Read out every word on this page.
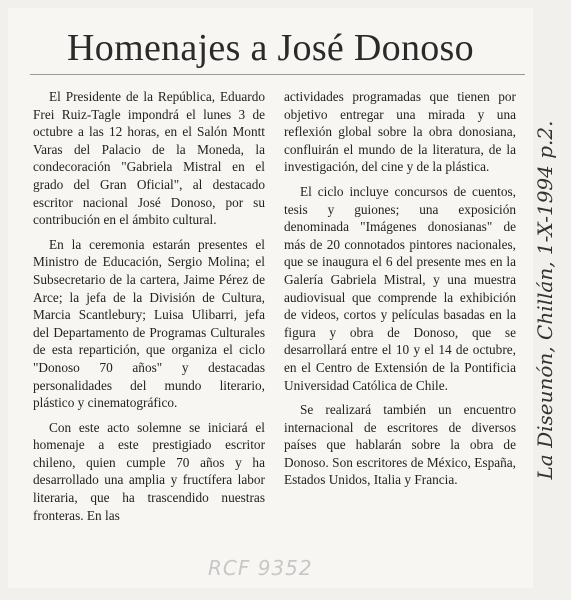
Homenajes a José Donoso

El Presidente de la República, Eduardo Frei Ruiz-Tagle impondrá el lunes 3 de octubre a las 12 horas, en el Salón Montt Varas del Palacio de la Moneda, la condecoración "Gabriela Mistral en el grado del Gran Oficial", al destacado escritor nacional José Donoso, por su contribución en el ámbito cultural.

En la ceremonia estarán presentes el Ministro de Educación, Sergio Molina; el Subsecretario de la cartera, Jaime Pérez de Arce; la jefa de la División de Cultura, Marcia Scantlebury; Luisa Ulibarri, jefa del Departamento de Programas Culturales de esta repartición, que organiza el ciclo "Donoso 70 años" y destacadas personalidades del mundo literario, plástico y cinematográfico.

Con este acto solemne se iniciará el homenaje a este prestigiado escritor chileno, quien cumple 70 años y ha desarrollado una amplia y fructífera labor literaria, que ha trascendido nuestras fronteras. En las

actividades programadas que tienen por objetivo entregar una mirada y una reflexión global sobre la obra donosiana, confluirán el mundo de la literatura, de la investigación, del cine y de la plástica.

El ciclo incluye concursos de cuentos, tesis y guiones; una exposición denominada "Imágenes donosianas" de más de 20 connotados pintores nacionales, que se inaugura el 6 del presente mes en la Galería Gabriela Mistral, y una muestra audiovisual que comprende la exhibición de videos, cortos y películas basadas en la figura y obra de Donoso, que se desarrollará entre el 10 y el 14 de octubre, en el Centro de Extensión de la Pontificia Universidad Católica de Chile.

Se realizará también un encuentro internacional de escritores de diversos países que hablarán sobre la obra de Donoso. Son escritores de México, España, Estados Unidos, Italia y Francia.

RCF 9352
La Diseunón, Chillán, 1-X-1994 p.2.
